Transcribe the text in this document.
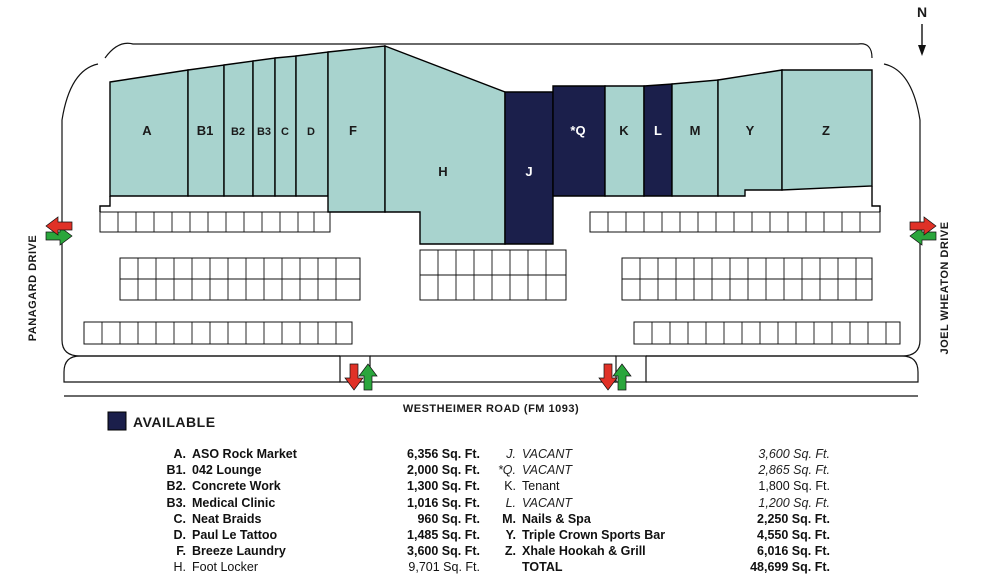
N
A	B1 B2 B3 C D	F
H	J
*Q	K L M	Y	Z
PANAGARD DRIVE	JOEL WHEATON DRIVE
WESTHEIMER ROAD (FM 1093)
AVAILABLE
A. ASO Rock Market	6,356 Sq. Ft.
B1. 042 Lounge	2,000 Sq. Ft.
B2. Concrete Work	1,300 Sq. Ft.
B3. Medical Clinic	1,016 Sq. Ft.
C. Neat Braids	960 Sq. Ft.
D. Paul Le Tattoo	1,485 Sq. Ft.
F. Breeze Laundry	3,600 Sq. Ft.
H. Foot Locker	9,701 Sq. Ft.
J. VACANT	3,600 Sq. Ft.
*Q. VACANT	2,865 Sq. Ft.
K. Tenant	1,800 Sq. Ft.
L. VACANT	1,200 Sq. Ft.
M. Nails & Spa	2,250 Sq. Ft.
Y. Triple Crown Sports Bar	4,550 Sq. Ft.
Z. Xhale Hookah & Grill	6,016 Sq. Ft.
TOTAL	48,699 Sq. Ft.
